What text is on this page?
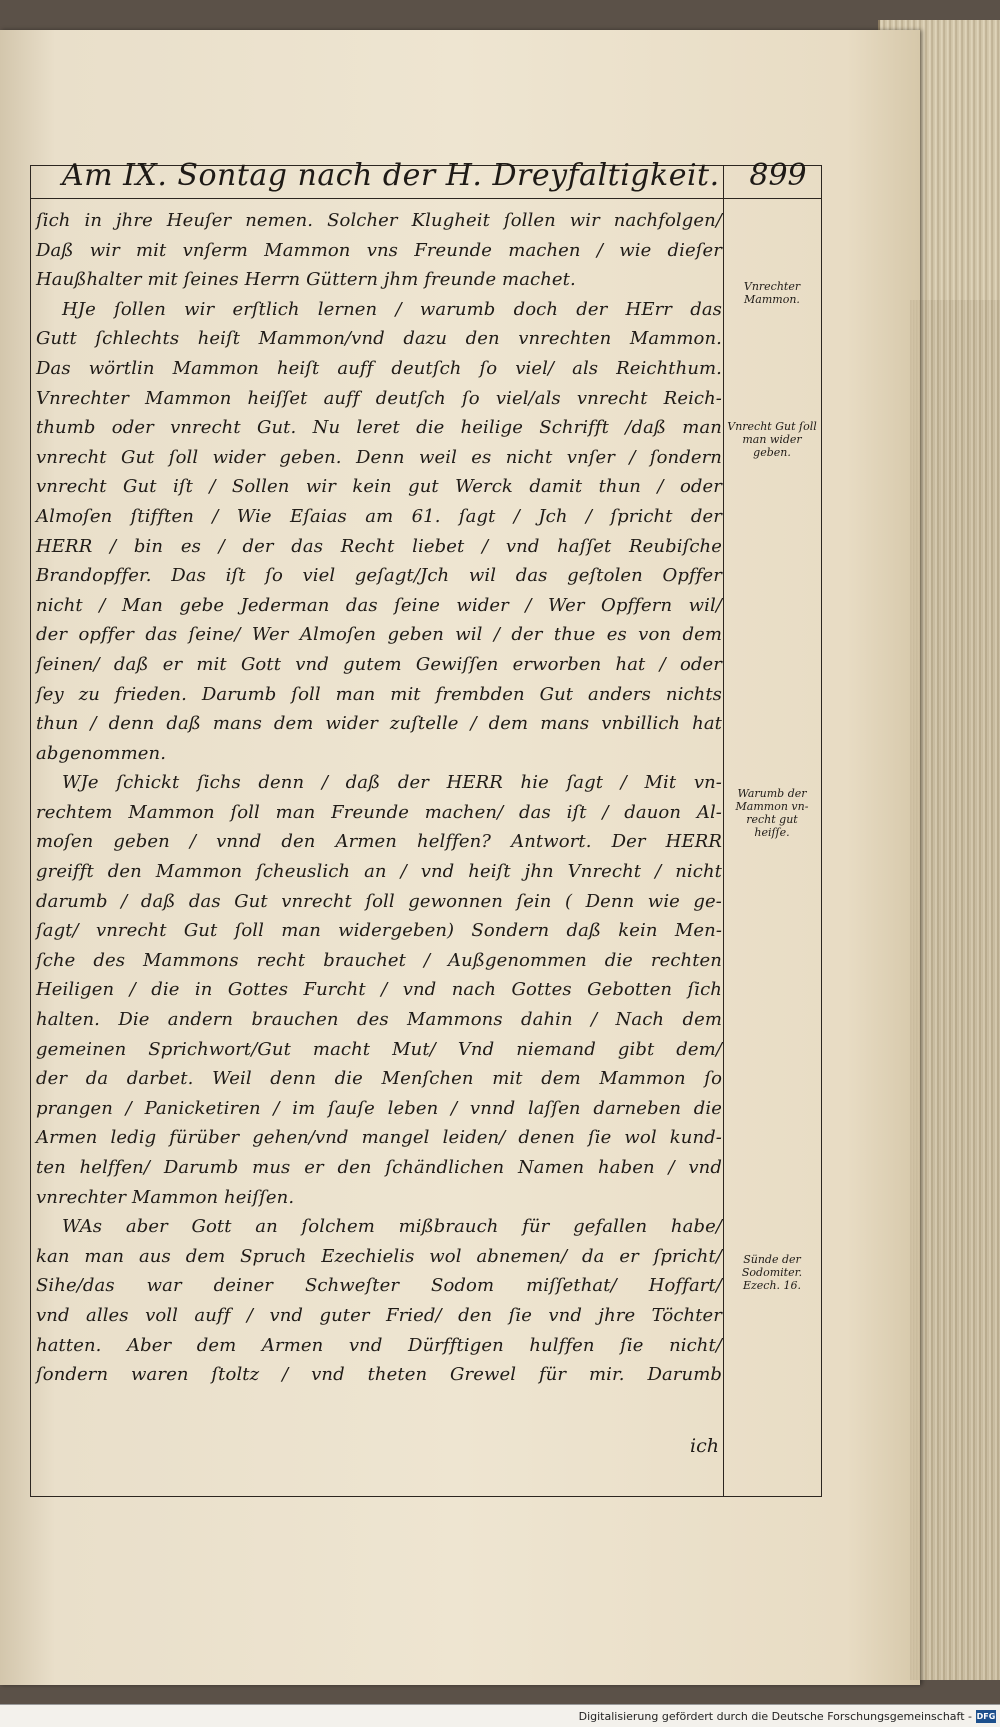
Am IX. Sontag nach der H. Dreyfaltigkeit. 899
ſich in jhre Heuſer nemen. Solcher Klugheit ſollen wir nachfolgen/
Daß wir mit vnſerm Mammon vns Freunde machen / wie dieſer
Haußhalter mit ſeines Herrn Güttern jhm freunde machet.
HJe ſollen wir erſtlich lernen / warumb doch der HErr das
Gutt ſchlechts heiſt Mammon/vnd dazu den vnrechten Mammon.
Das wörtlin Mammon heiſt auff deutſch ſo viel/ als Reichthum.
Vnrechter Mammon heiſſet auff deutſch ſo viel/als vnrecht Reich-
thumb oder vnrecht Gut. Nu leret die heilige Schrifft /daß man
vnrecht Gut ſoll wider geben. Denn weil es nicht vnſer / ſondern
vnrecht Gut iſt / Sollen wir kein gut Werck damit thun / oder
Almoſen ſtifften / Wie Eſaias am 61. ſagt / Jch / ſpricht der
HERR / bin es / der das Recht liebet / vnd haſſet Reubiſche
Brandopffer. Das iſt ſo viel geſagt/Jch wil das geſtolen Opffer
nicht / Man gebe Jederman das ſeine wider / Wer Opffern wil/
der opffer das ſeine/ Wer Almoſen geben wil / der thue es von dem
ſeinen/ daß er mit Gott vnd gutem Gewiſſen erworben hat / oder
ſey zu frieden. Darumb ſoll man mit frembden Gut anders nichts
thun / denn daß mans dem wider zuſtelle / dem mans vnbillich hat
abgenommen.
WJe ſchickt ſichs denn / daß der HERR hie ſagt / Mit vn-
rechtem Mammon ſoll man Freunde machen/ das iſt / dauon Al-
moſen geben / vnnd den Armen helffen? Antwort. Der HERR
greifft den Mammon ſcheuslich an / vnd heiſt jhn Vnrecht / nicht
darumb / daß das Gut vnrecht ſoll gewonnen ſein ( Denn wie ge-
ſagt/ vnrecht Gut ſoll man widergeben) Sondern daß kein Men-
ſche des Mammons recht brauchet / Außgenommen die rechten
Heiligen / die in Gottes Furcht / vnd nach Gottes Gebotten ſich
halten. Die andern brauchen des Mammons dahin / Nach dem
gemeinen Sprichwort/Gut macht Mut/ Vnd niemand gibt dem/
der da darbet. Weil denn die Menſchen mit dem Mammon ſo
prangen / Panicketiren / im ſauſe leben / vnnd laſſen darneben die
Armen ledig fürüber gehen/vnd mangel leiden/ denen ſie wol kund-
ten helffen/ Darumb mus er den ſchändlichen Namen haben / vnd
vnrechter Mammon heiſſen.
WAs aber Gott an ſolchem mißbrauch für gefallen habe/
kan man aus dem Spruch Ezechielis wol abnemen/ da er ſpricht/
Sihe/das war deiner Schweſter Sodom miſſethat/ Hoffart/
vnd alles voll auff / vnd guter Fried/ den ſie vnd jhre Töchter
hatten. Aber dem Armen vnd Dürfftigen hulffen ſie nicht/
ſondern waren ſtoltz / vnd theten Grewel für mir. Darumb
Vnrechter Mammon.
Vnrecht Gut ſoll man wider geben.
Warumb der Mammon vn- recht gut heiſſe.
Sünde der Sodomiter. Ezech. 16.
ich
Digitalisierung gefördert durch die Deutsche Forschungsgemeinschaft - DFG
